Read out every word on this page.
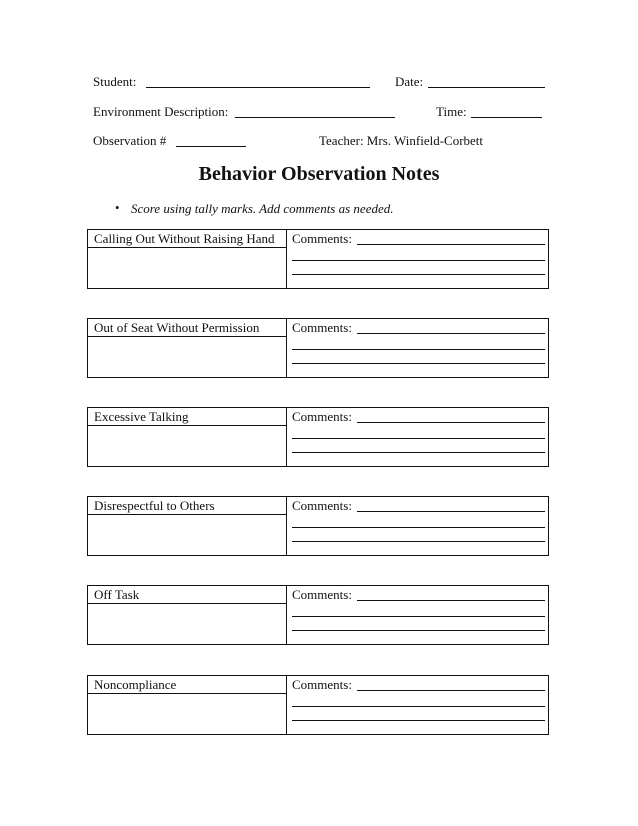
Student:	Date:
Environment Description:	Time:
Observation #	Teacher: Mrs. Winfield-Corbett
Behavior Observation Notes
• Score using tally marks. Add comments as needed.
Calling Out Without Raising Hand Comments:
Out of Seat Without Permission	Comments:
Excessive Talking	Comments:
Disrespectful to Others	Comments:
Off Task	Comments:
Noncompliance	Comments:
